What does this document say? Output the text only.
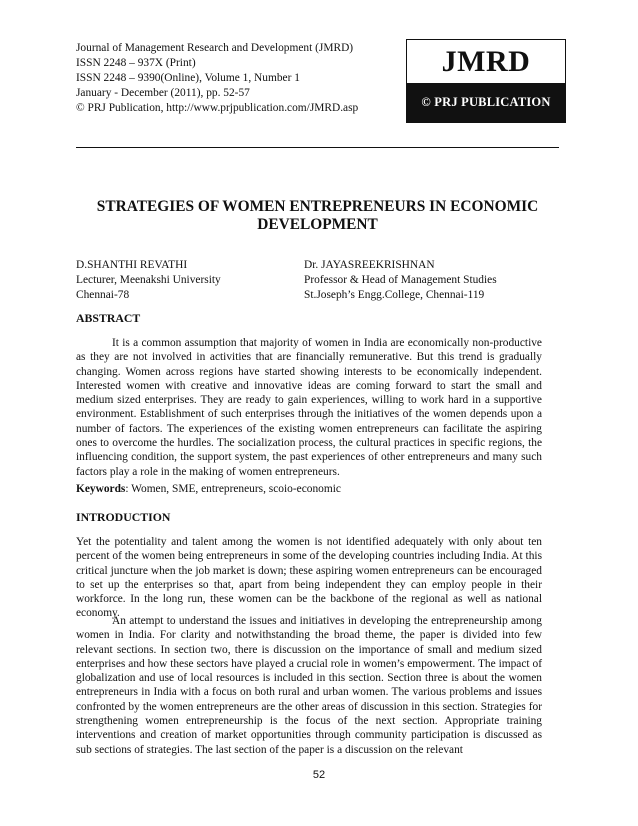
Journal of Management Research and Development (JMRD)
ISSN 2248 – 937X (Print)
ISSN 2248 – 9390(Online), Volume 1, Number 1
January - December (2011), pp. 52-57
© PRJ Publication, http://www.prjpublication.com/JMRD.asp
JMRD
© PRJ PUBLICATION
STRATEGIES OF WOMEN ENTREPRENEURS IN ECONOMIC DEVELOPMENT
D.SHANTHI REVATHI
Lecturer, Meenakshi University
Chennai-78
Dr. JAYASREEKRISHNAN
Professor & Head of Management Studies
St.Joseph’s Engg.College, Chennai-119
ABSTRACT

It is a common assumption that majority of women in India are economically non-productive as they are not involved in activities that are financially remunerative. But this trend is gradually changing. Women across regions have started showing interests to be economically independent. Interested women with creative and innovative ideas are coming forward to start the small and medium sized enterprises. They are ready to gain experiences, willing to work hard in a supportive environment. Establishment of such enterprises through the initiatives of the women depends upon a number of factors. The experiences of the existing women entrepreneurs can facilitate the aspiring ones to overcome the hurdles. The socialization process, the cultural practices in specific regions, the influencing condition, the support system, the past experiences of other entrepreneurs and many such factors play a role in the making of women entrepreneurs.

Keywords: Women, SME, entrepreneurs, scoio-economic
INTRODUCTION

Yet the potentiality and talent among the women is not identified adequately with only about ten percent of the women being entrepreneurs in some of the developing countries including India. At this critical juncture when the job market is down; these aspiring women entrepreneurs can be encouraged to set up the enterprises so that, apart from being independent they can employ people in their workforce. In the long run, these women can be the backbone of the regional as well as national economy.

An attempt to understand the issues and initiatives in developing the entrepreneurship among women in India. For clarity and notwithstanding the broad theme, the paper is divided into few relevant sections. In section two, there is discussion on the importance of small and medium sized enterprises and how these sectors have played a crucial role in women’s empowerment. The impact of globalization and use of local resources is included in this section. Section three is about the women entrepreneurs in India with a focus on both rural and urban women. The various problems and issues confronted by the women entrepreneurs are the other areas of discussion in this section. Strategies for strengthening women entrepreneurship is the focus of the next section. Appropriate training interventions and creation of market opportunities through community participation is discussed as sub sections of strategies. The last section of the paper is a discussion on the relevant

52
